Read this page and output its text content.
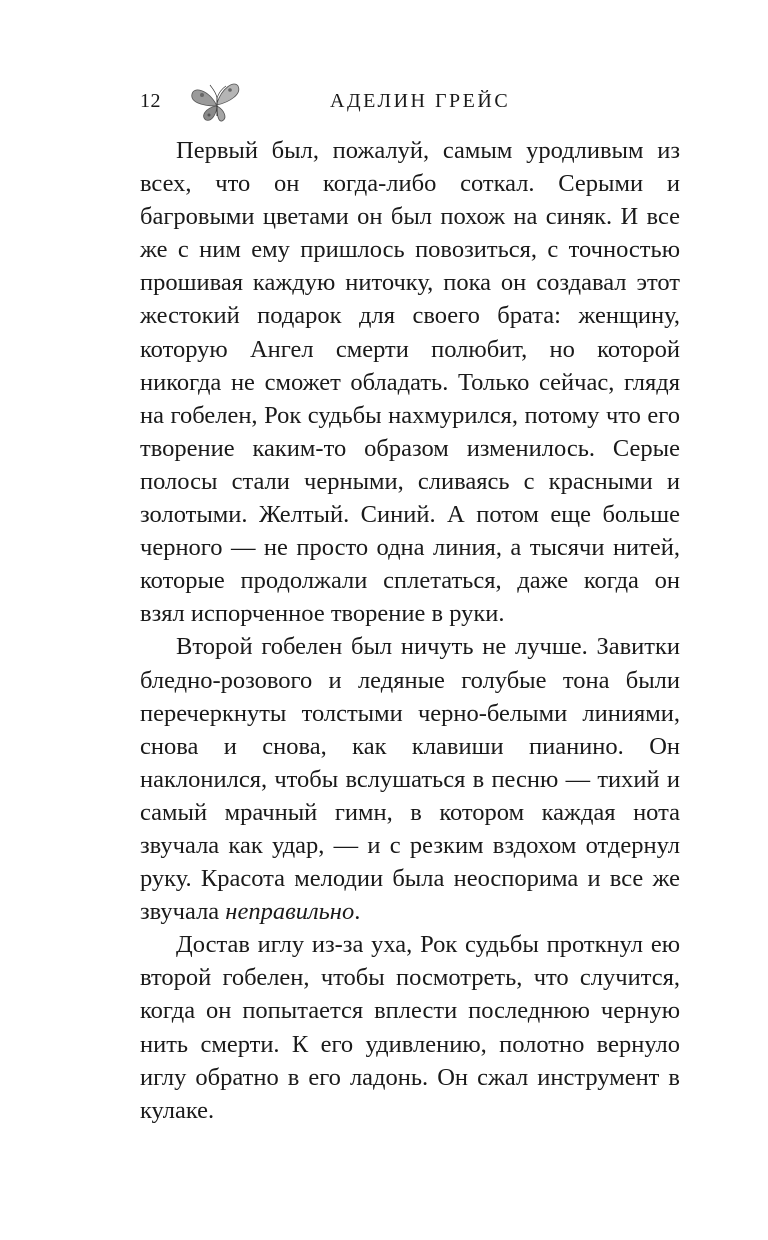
12	АДЕЛИН ГРЕЙС

Первый был, пожалуй, самым уродливым из всех, что он когда-либо соткал. Серыми и багровыми цветами он был похож на синяк. И все же с ним ему пришлось повозиться, с точностью прошивая каждую ниточку, пока он создавал этот жестокий подарок для своего брата: женщину, которую Ангел смерти полюбит, но которой никогда не сможет обладать. Только сейчас, глядя на гобелен, Рок судьбы нахмурился, потому что его творение каким-то образом изменилось. Серые полосы стали черными, сливаясь с красными и золотыми. Желтый. Синий. А потом еще больше черного — не просто одна линия, а тысячи нитей, которые продолжали сплетаться, даже когда он взял испорченное творение в руки.

Второй гобелен был ничуть не лучше. Завитки бледно-розового и ледяные голубые тона были перечеркнуты толстыми черно-белыми линиями, снова и снова, как клавиши пианино. Он наклонился, чтобы вслушаться в песню — тихий и самый мрачный гимн, в котором каждая нота звучала как удар, — и с резким вздохом отдернул руку. Красота мелодии была неоспорима и все же звучала неправильно.

Достав иглу из-за уха, Рок судьбы проткнул ею второй гобелен, чтобы посмотреть, что случится, когда он попытается вплести последнюю черную нить смерти. К его удивлению, полотно вернуло иглу обратно в его ладонь. Он сжал инструмент в кулаке.
